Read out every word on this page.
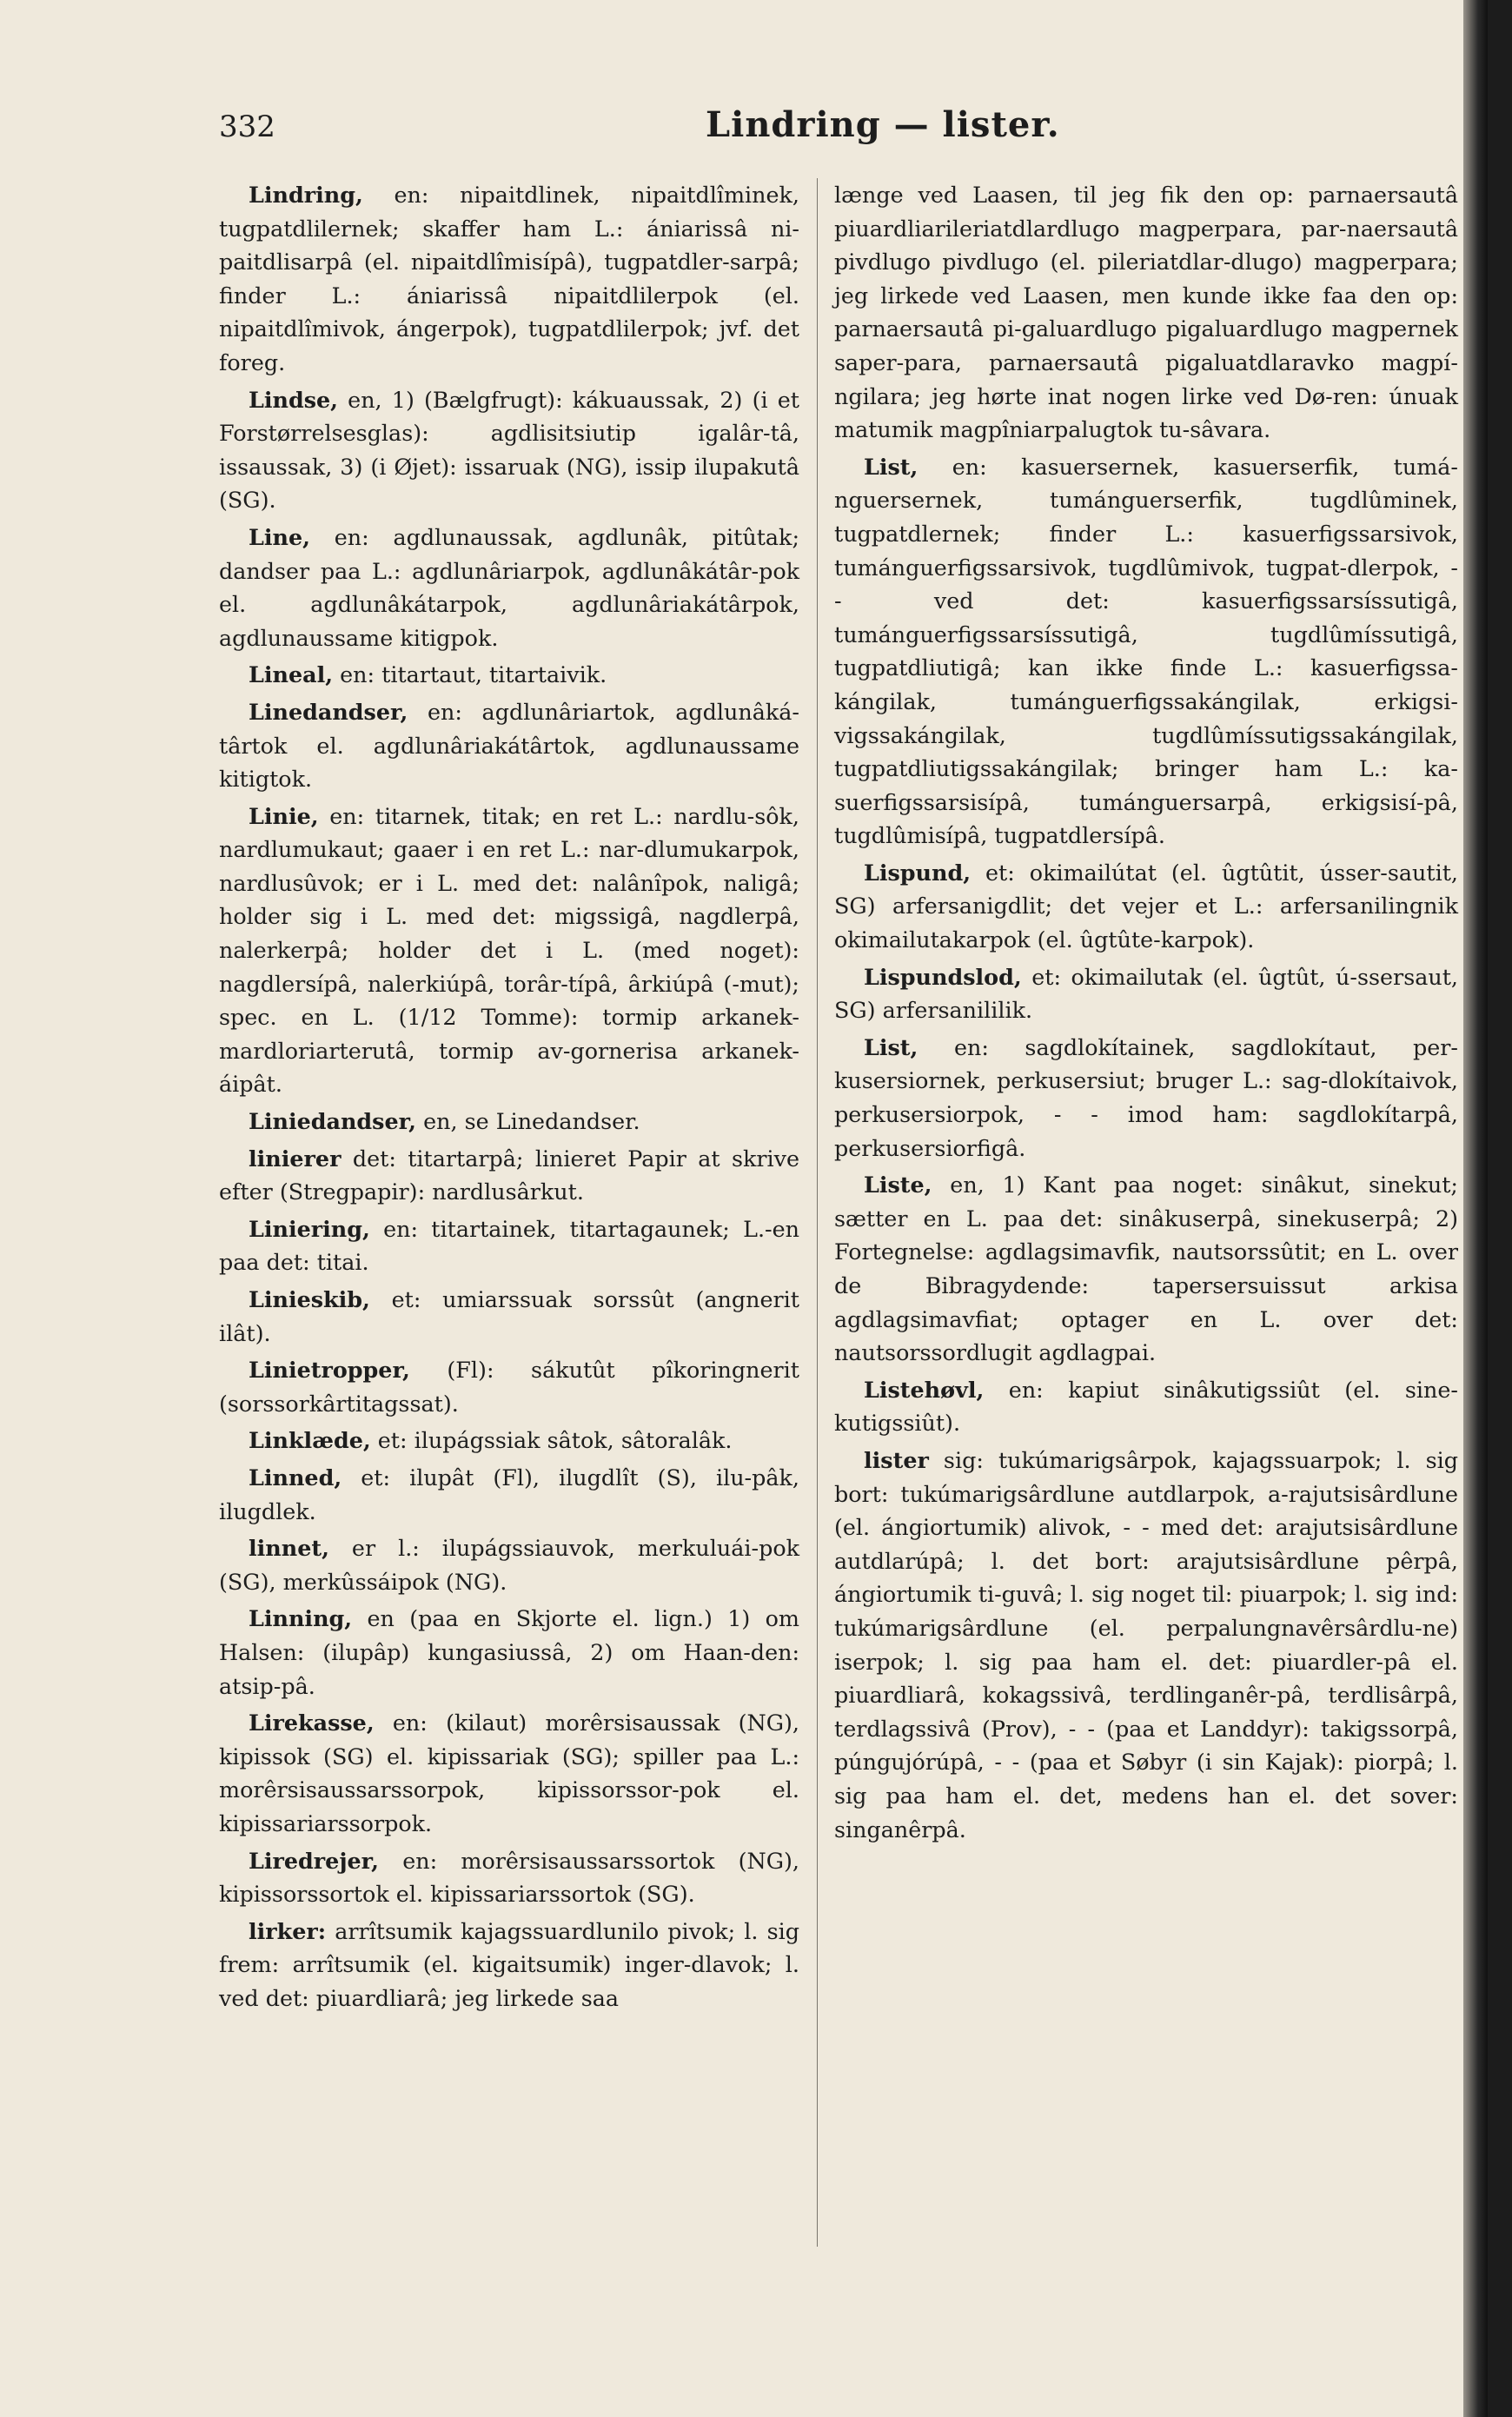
332	Lindring — lister.

Lindring, en: nipaitdlinek, nipaitdlîminek, tugpatdlilernek; skaffer ham L.: ániarissâ ni-paitdlisarpâ (el. nipaitdlîmisípâ), tugpatdler-sarpâ; finder L.: ániarissâ nipaitdlilerpok (el. nipaitdlîmivok, ángerpok), tugpatdlilerpok; jvf. det foreg.

Lindse, en, 1) (Bælgfrugt): kákuaussak, 2) (i et Forstørrelsesglas): agdlisitsiutip igalâr-tâ, issaussak, 3) (i Øjet): issaruak (NG), issip ilupakutâ (SG).

Line, en: agdlunaussak, agdlunâk, pitûtak; dandser paa L.: agdlunâriarpok, agdlunâkátâr-pok el. agdlunâkátarpok, agdlunâriakátârpok, agdlunaussame kitigpok.

Lineal, en: titartaut, titartaivik.

Linedandser, en: agdlunâriartok, agdlunâká-târtok el. agdlunâriakátârtok, agdlunaussame kitigtok.

Linie, en: titarnek, titak; en ret L.: nardlu-sôk, nardlumukaut; gaaer i en ret L.: nar-dlumukarpok, nardlusûvok; er i L. med det: nalânîpok, naligâ; holder sig i L. med det: migssigâ, nagdlerpâ, nalerkerpâ; holder det i L. (med noget): nagdlersípâ, nalerkiúpâ, torâr-típâ, ârkiúpâ (-mut); spec. en L. (1/12 Tomme): tormip arkanek-mardloriarterutâ, tormip av-gornerisa arkanek-áipât.

Liniedandser, en, se Linedandser.

linierer det: titartarpâ; linieret Papir at skrive efter (Stregpapir): nardlusârkut.

Liniering, en: titartainek, titartagaunek; L.-en paa det: titai.

Linieskib, et: umiarssuak sorssût (angnerit ilât).

Linietropper, (Fl): sákutût pîkoringnerit (sorssorkârtitagssat).

Linklæde, et: ilupágssiak sâtok, sâtoralâk.

Linned, et: ilupât (Fl), ilugdlît (S), ilu-pâk, ilugdlek.

linnet, er l.: ilupágssiauvok, merkuluái-pok (SG), merkûssáipok (NG).

Linning, en (paa en Skjorte el. lign.) 1) om Halsen: (ilupâp) kungasiussâ, 2) om Haan-den: atsip-pâ.

Lirekasse, en: (kilaut) morêrsisaussak (NG), kipissok (SG) el. kipissariak (SG); spiller paa L.: morêrsisaussarssorpok, kipissorssor-pok el. kipissariarssorpok.

Liredrejer, en: morêrsisaussarssortok (NG), kipissorssortok el. kipissariarssortok (SG).

lirker: arrîtsumik kajagssuardlunilo pivok; l. sig frem: arrîtsumik (el. kigaitsumik) inger-dlavok; l. ved det: piuardliarâ; jeg lirkede saa

længe ved Laasen, til jeg fik den op: parnaersautâ piuardliarileriatdlardlugo magperpara, par-naersautâ pivdlugo pivdlugo (el. pileriatdlar-dlugo) magperpara; jeg lirkede ved Laasen, men kunde ikke faa den op: parnaersautâ pi-galuardlugo pigaluardlugo magpernek saper-para, parnaersautâ pigaluatdlaravko magpí-ngilara; jeg hørte inat nogen lirke ved Dø-ren: únuak matumik magpîniarpalugtok tu-sâvara.

List, en: kasuersernek, kasuerserfik, tumá-nguersernek, tumánguerserfik, tugdlûminek, tugpatdlernek; finder L.: kasuerfigssarsivok, tumánguerfigssarsivok, tugdlûmivok, tugpat-dlerpok, - - ved det: kasuerfigssarsíssutigâ, tumánguerfigssarsíssutigâ, tugdlûmíssutigâ, tugpatdliutigâ; kan ikke finde L.: kasuerfigssa-kángilak, tumánguerfigssakángilak, erkigsi-vigssakángilak, tugdlûmíssutigssakángilak, tugpatdliutigssakángilak; bringer ham L.: ka-suerfigssarsisípâ, tumánguersarpâ, erkigsisí-pâ, tugdlûmisípâ, tugpatdlersípâ.

Lispund, et: okimailútat (el. ûgtûtit, ússer-sautit, SG) arfersanigdlit; det vejer et L.: arfersanilingnik okimailutakarpok (el. ûgtûte-karpok).

Lispundslod, et: okimailutak (el. ûgtût, ú-ssersaut, SG) arfersanililik.

List, en: sagdlokítainek, sagdlokítaut, per-kusersiornek, perkusersiut; bruger L.: sag-dlokítaivok, perkusersiorpok, - - imod ham: sagdlokítarpâ, perkusersiorfigâ.

Liste, en, 1) Kant paa noget: sinâkut, sinekut; sætter en L. paa det: sinâkuserpâ, sinekuserpâ; 2) Fortegnelse: agdlagsimavfik, nautsorssûtit; en L. over de Bibragydende: tapersersuissut arkisa agdlagsimavfiat; optager en L. over det: nautsorssordlugit agdlagpai.

Listehøvl, en: kapiut sinâkutigssiût (el. sine-kutigssiût).

lister sig: tukúmarigsârpok, kajagssuarpok; l. sig bort: tukúmarigsârdlune autdlarpok, a-rajutsisârdlune (el. ángiortumik) alivok, - - med det: arajutsisârdlune autdlarúpâ; l. det bort: arajutsisârdlune pêrpâ, ángiortumik ti-guvâ; l. sig noget til: piuarpok; l. sig ind: tukúmarigsârdlune (el. perpalungnavêrsârdlu-ne) iserpok; l. sig paa ham el. det: piuardler-pâ el. piuardliarâ, kokagssivâ, terdlinganêr-pâ, terdlisârpâ, terdlagssivâ (Prov), - - (paa et Landdyr): takigssorpâ, púngujórúpâ, - - (paa et Søbyr (i sin Kajak): piorpâ; l. sig paa ham el. det, medens han el. det sover: singanêrpâ.
